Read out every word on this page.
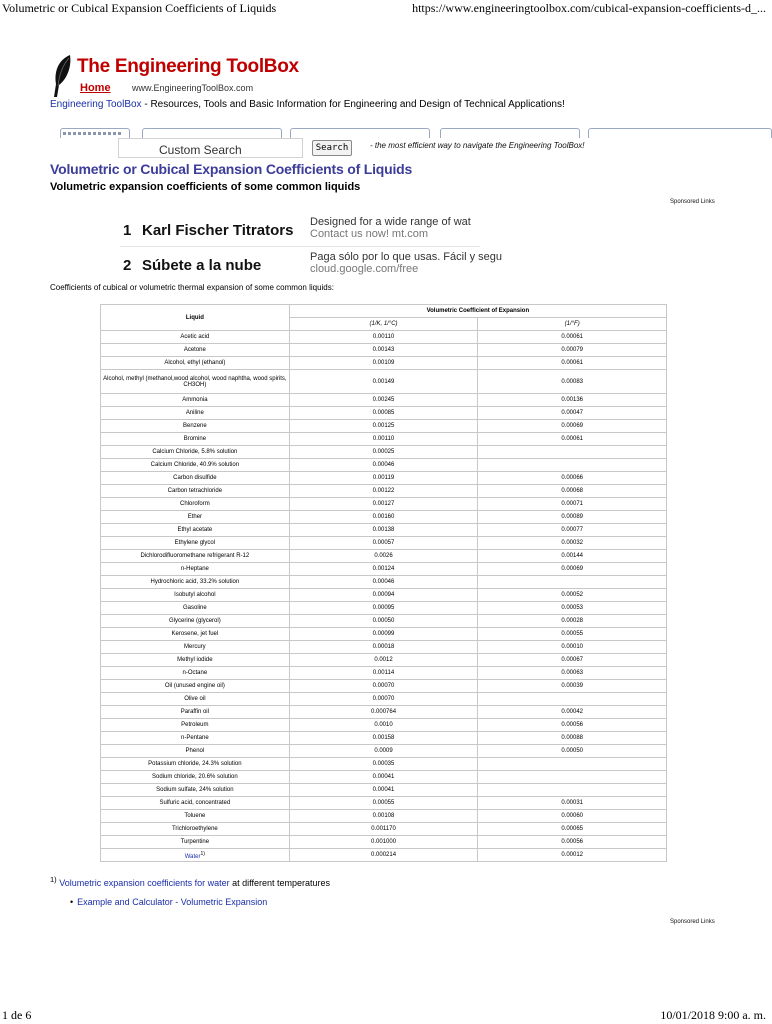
Volumetric or Cubical Expansion Coefficients of Liquids	https://www.engineeringtoolbox.com/cubical-expansion-coefficients-d_...
The Engineering ToolBox
Home www.EngineeringToolBox.com
Engineering ToolBox - Resources, Tools and Basic Information for Engineering and Design of Technical Applications!
Custom Search	Search	- the most efficient way to navigate the Engineering ToolBox!
Volumetric or Cubical Expansion Coefficients of Liquids
Volumetric expansion coefficients of some common liquids
Sponsored Links
1 Karl Fischer Titrators Designed for a wide range of wat
Contact us now! mt.com
2 Súbete a la nube	Paga sólo por lo que usas. Fácil y segu
cloud.google.com/free
Coefficients of cubical or volumetric thermal expansion of some common liquids:
Liquid	Volumetric Coefficient of Expansion	
	(1/K, 1/°C)	(1/°F)
Acetic acid	0.00110	0.00061
Acetone	0.00143	0.00079
Alcohol, ethyl (ethanol)	0.00109	0.00061
Alcohol, methyl (methanol,wood alcohol, wood naphtha, wood spirits, CH3OH)	0.00149	0.00083
Ammonia	0.00245	0.00136
Aniline	0.00085	0.00047
Benzene	0.00125	0.00069
Bromine	0.00110	0.00061
Calcium Chloride, 5.8% solution	0.00025	
Calcium Chloride, 40.9% solution	0.00046	
Carbon disulfide	0.00119	0.00066
Carbon tetrachloride	0.00122	0.00068
Chloroform	0.00127	0.00071
Ether	0.00160	0.00089
Ethyl acetate	0.00138	0.00077
Ethylene glycol	0.00057	0.00032
Dichlorodifluoromethane refrigerant R-12	0.0026	0.00144
n-Heptane	0.00124	0.00069
Hydrochloric acid, 33.2% solution	0.00046	
Isobutyl alcohol	0.00094	0.00052
Gasoline	0.00095	0.00053
Glycerine (glycerol)	0.00050	0.00028
Kerosene, jet fuel	0.00099	0.00055
Mercury	0.00018	0.00010
Methyl iodide	0.0012	0.00067
n-Octane	0.00114	0.00063
Oil (unused engine oil)	0.00070	0.00039
Olive oil	0.00070	
Paraffin oil	0.000764	0.00042
Petroleum	0.0010	0.00056
n-Pentane	0.00158	0.00088
Phenol	0.0009	0.00050
Potassium chloride, 24.3% solution	0.00035	
Sodium chloride, 20.6% solution	0.00041	
Sodium sulfate, 24% solution	0.00041	
Sulfuric acid, concentrated	0.00055	0.00031
Toluene	0.00108	0.00060
Trichloroethylene	0.001170	0.00065
Turpentine	0.001000	0.00056
Water$^{1)}$	0.000214	0.00012
$^{1)}$ Volumetric expansion coefficients for water at different temperatures
• Example and Calculator - Volumetric Expansion
Sponsored Links
1 de 6	10/01/2018 9:00 a. m.
